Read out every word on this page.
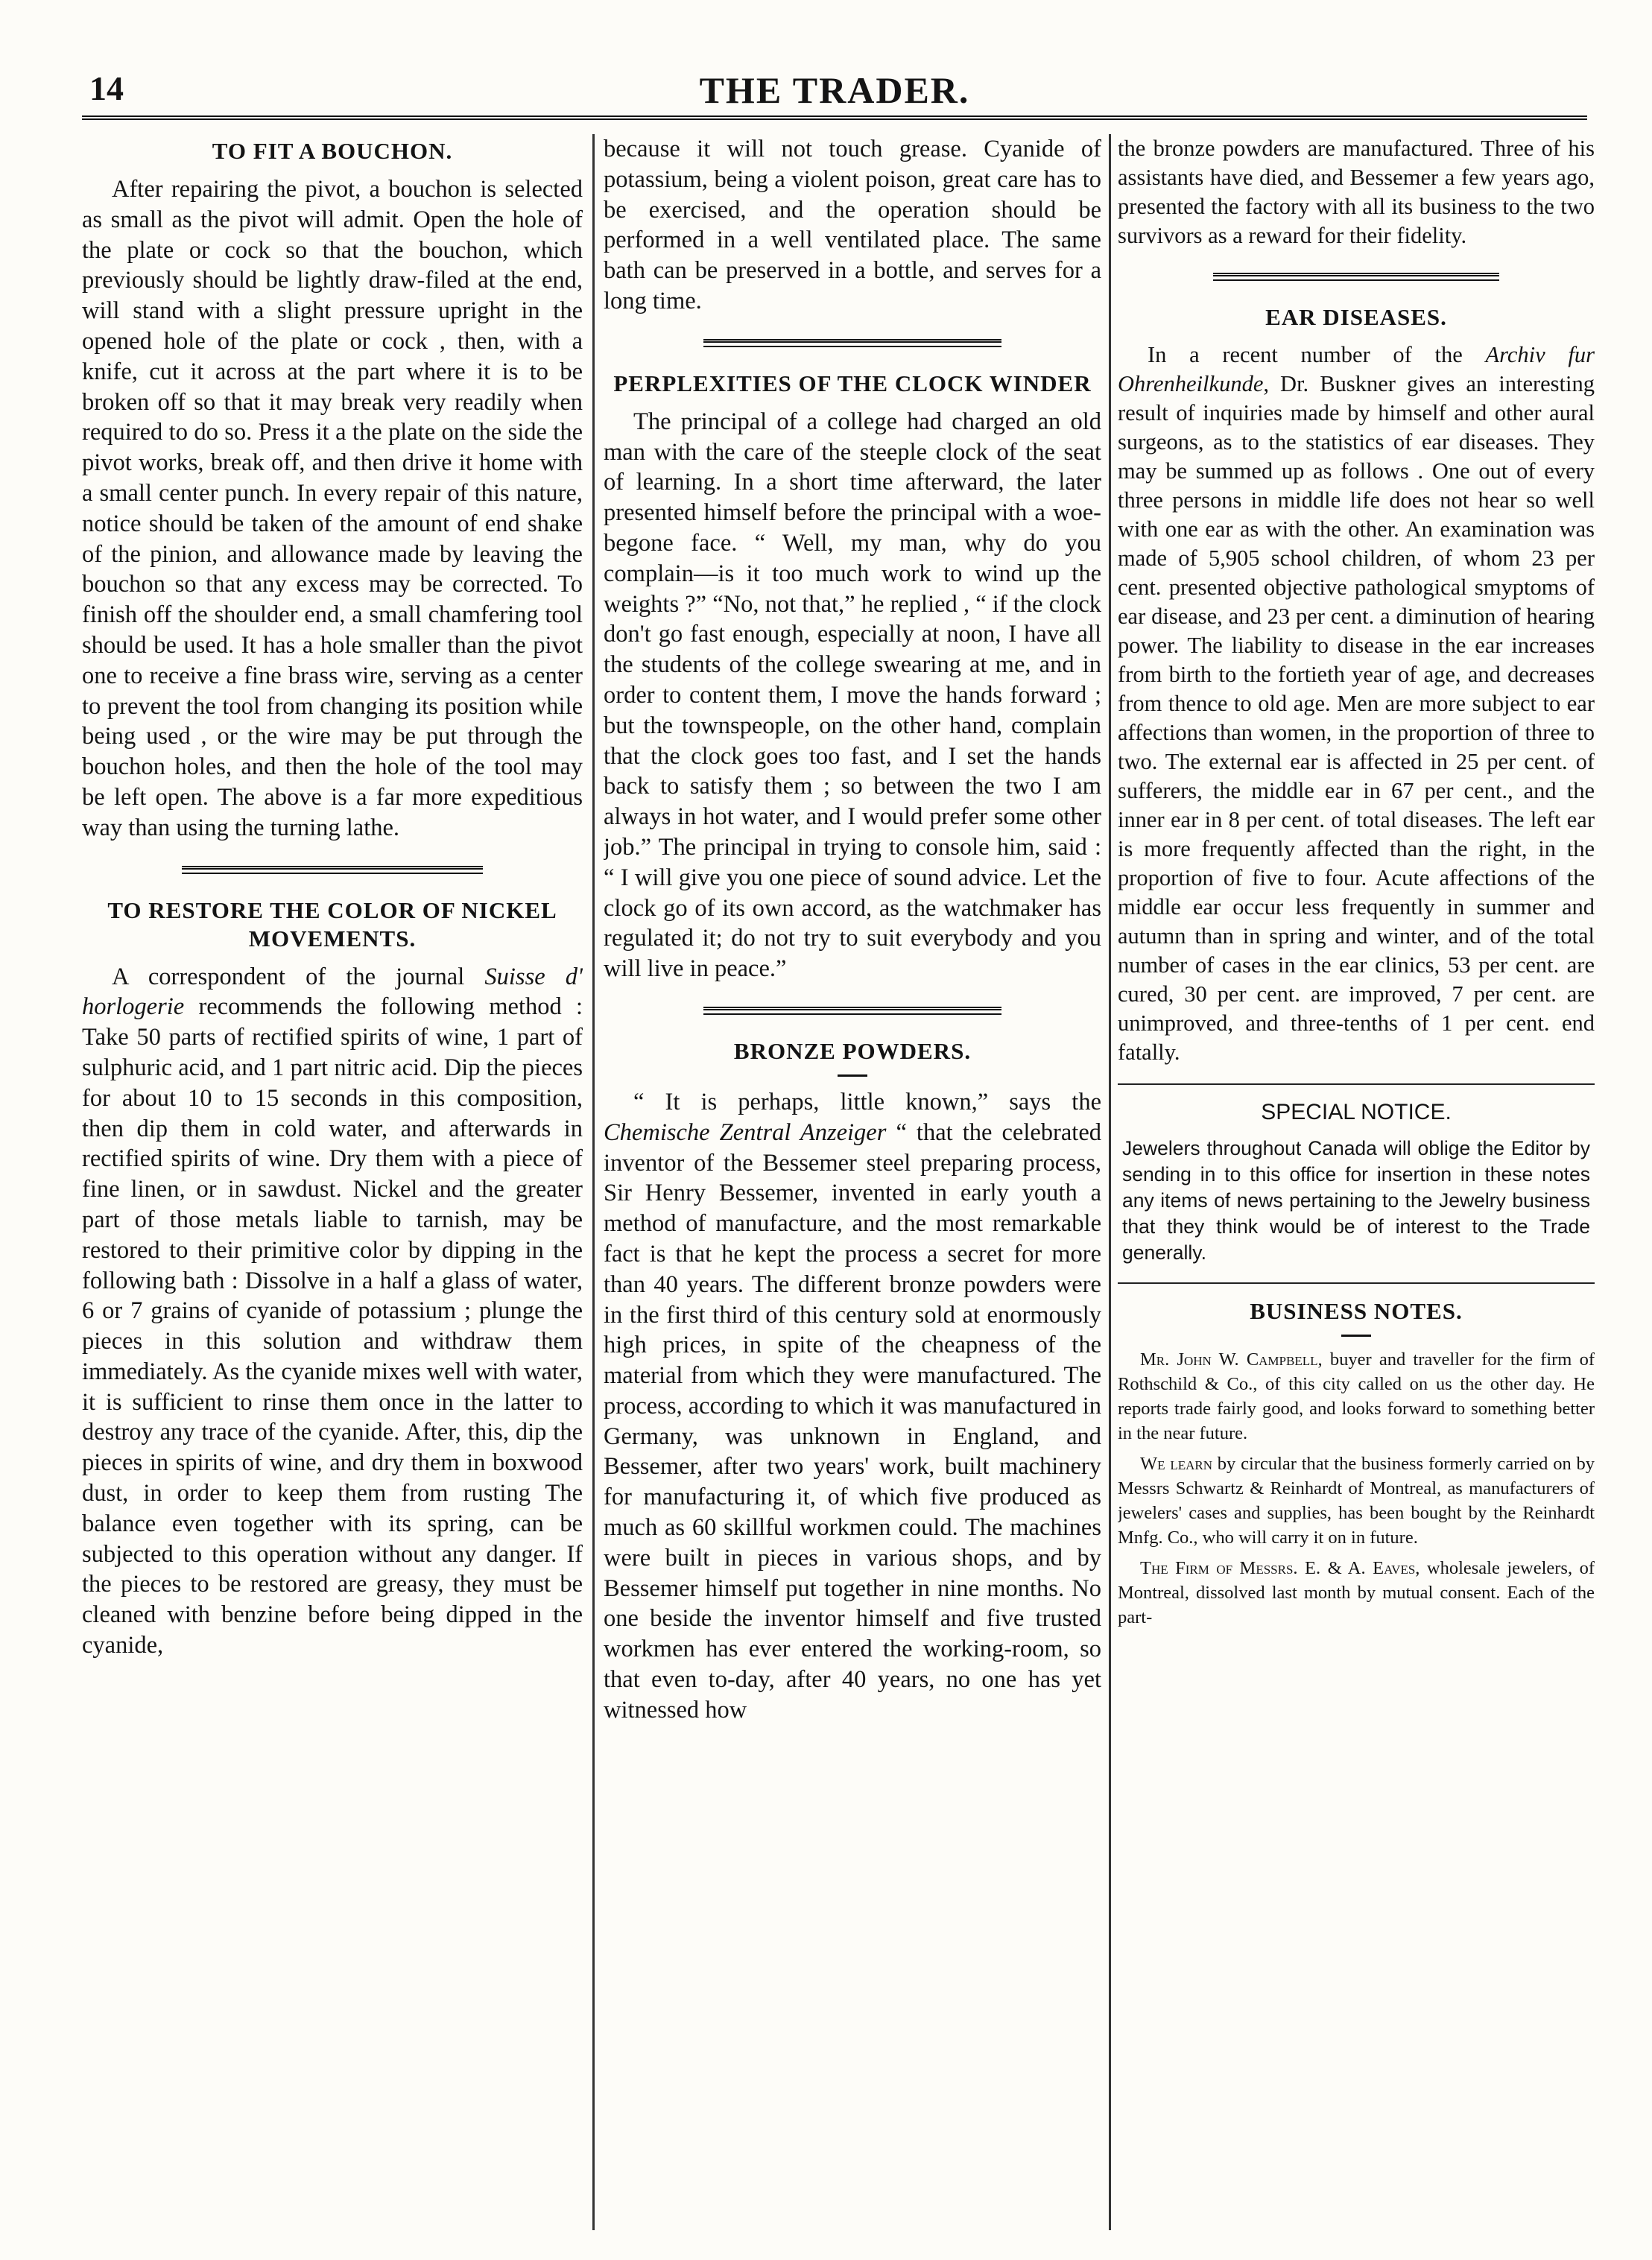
14	THE TRADER.
TO FIT A BOUCHON.

After repairing the pivot, a bouchon is selected as small as the pivot will admit. Open the hole of the plate or cock so that the bouchon, which previously should be lightly draw-filed at the end, will stand with a slight pressure upright in the opened hole of the plate or cock , then, with a knife, cut it across at the part where it is to be broken off so that it may break very readily when required to do so. Press it a the plate on the side the pivot works, break off, and then drive it home with a small center punch. In every repair of this nature, notice should be taken of the amount of end shake of the pinion, and allowance made by leaving the bouchon so that any excess may be corrected. To finish off the shoulder end, a small chamfering tool should be used. It has a hole smaller than the pivot one to receive a fine brass wire, serving as a center to prevent the tool from changing its position while being used , or the wire may be put through the bouchon holes, and then the hole of the tool may be left open. The above is a far more expeditious way than using the turning lathe.

TO RESTORE THE COLOR OF NICKEL MOVEMENTS.

A correspondent of the journal Suisse d' horlogerie recommends the following method : Take 50 parts of rectified spirits of wine, 1 part of sulphuric acid, and 1 part nitric acid. Dip the pieces for about 10 to 15 seconds in this composition, then dip them in cold water, and afterwards in rectified spirits of wine. Dry them with a piece of fine linen, or in sawdust. Nickel and the greater part of those metals liable to tarnish, may be restored to their primitive color by dipping in the following bath : Dissolve in a half a glass of water, 6 or 7 grains of cyanide of potassium ; plunge the pieces in this solution and withdraw them immediately. As the cyanide mixes well with water, it is sufficient to rinse them once in the latter to destroy any trace of the cyanide. After, this, dip the pieces in spirits of wine, and dry them in boxwood dust, in order to keep them from rusting The balance even together with its spring, can be subjected to this operation without any danger. If the pieces to be restored are greasy, they must be cleaned with benzine before being dipped in the cyanide,

because it will not touch grease. Cyanide of potassium, being a violent poison, great care has to be exercised, and the operation should be performed in a well ventilated place. The same bath can be preserved in a bottle, and serves for a long time.

PERPLEXITIES OF THE CLOCK WINDER

The principal of a college had charged an old man with the care of the steeple clock of the seat of learning. In a short time afterward, the later presented himself before the principal with a woe-begone face. “ Well, my man, why do you complain—is it too much work to wind up the weights ?” “No, not that,” he replied , “ if the clock don't go fast enough, especially at noon, I have all the students of the college swearing at me, and in order to content them, I move the hands forward ; but the townspeople, on the other hand, complain that the clock goes too fast, and I set the hands back to satisfy them ; so between the two I am always in hot water, and I would prefer some other job.” The principal in trying to console him, said : “ I will give you one piece of sound advice. Let the clock go of its own accord, as the watchmaker has regulated it; do not try to suit everybody and you will live in peace.”

BRONZE POWDERS.

“ It is perhaps, little known,” says the Chemische Zentral Anzeiger “ that the celebrated inventor of the Bessemer steel preparing process, Sir Henry Bessemer, invented in early youth a method of manufacture, and the most remarkable fact is that he kept the process a secret for more than 40 years. The different bronze powders were in the first third of this century sold at enormously high prices, in spite of the cheapness of the material from which they were manufactured. The process, according to which it was manufactured in Germany, was unknown in England, and Bessemer, after two years' work, built machinery for manufacturing it, of which five produced as much as 60 skillful workmen could. The machines were built in pieces in various shops, and by Bessemer himself put together in nine months. No one beside the inventor himself and five trusted workmen has ever entered the working-room, so that even to-day, after 40 years, no one has yet witnessed how

the bronze powders are manufactured. Three of his assistants have died, and Bessemer a few years ago, presented the factory with all its business to the two survivors as a reward for their fidelity.

EAR DISEASES.

In a recent number of the Archiv fur Ohrenheilkunde, Dr. Buskner gives an interesting result of inquiries made by himself and other aural surgeons, as to the statistics of ear diseases. They may be summed up as follows . One out of every three persons in middle life does not hear so well with one ear as with the other. An examination was made of 5,905 school children, of whom 23 per cent. presented objective pathological smyptoms of ear disease, and 23 per cent. a diminution of hearing power. The liability to disease in the ear increases from birth to the fortieth year of age, and decreases from thence to old age. Men are more subject to ear affections than women, in the proportion of three to two. The external ear is affected in 25 per cent. of sufferers, the middle ear in 67 per cent., and the inner ear in 8 per cent. of total diseases. The left ear is more frequently affected than the right, in the proportion of five to four. Acute affections of the middle ear occur less frequently in summer and autumn than in spring and winter, and of the total number of cases in the ear clinics, 53 per cent. are cured, 30 per cent. are improved, 7 per cent. are unimproved, and three-tenths of 1 per cent. end fatally.

SPECIAL NOTICE.

Jewelers throughout Canada will oblige the Editor by sending in to this office for insertion in these notes any items of news pertaining to the Jewelry business that they think would be of interest to the Trade generally.

BUSINESS NOTES.

Mr. John W. Campbell, buyer and traveller for the firm of Rothschild & Co., of this city called on us the other day. He reports trade fairly good, and looks forward to something better in the near future.

We learn by circular that the business formerly carried on by Messrs Schwartz & Reinhardt of Montreal, as manufacturers of jewelers' cases and supplies, has been bought by the Reinhardt Mnfg. Co., who will carry it on in future.

The Firm of Messrs. E. & A. Eaves, wholesale jewelers, of Montreal, dissolved last month by mutual consent. Each of the part-
